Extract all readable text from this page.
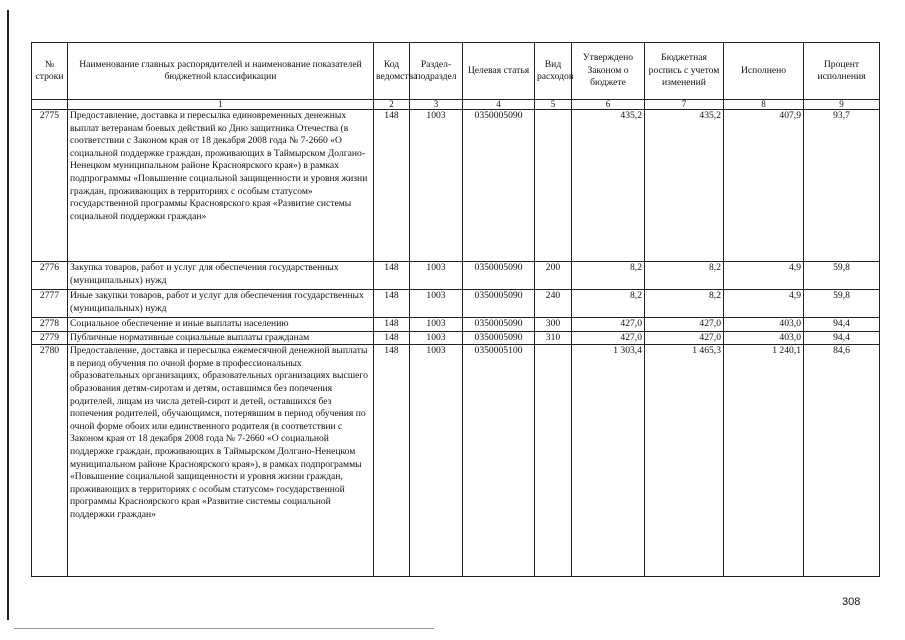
№ строки	Наименование главных распорядителей и наименование показателей бюджетной классификации	Код ведомства	Раздел-подраздел	Целевая статья	Вид расходов	Утверждено Законом о бюджете	Бюджетная роспись с учетом изменений	Исполнено	Процент исполнения
	1	2	3	4	5	6	7	8	9
2775	Предоставление, доставка и пересылка единовременных денежных выплат ветеранам боевых действий ко Дню защитника Отечества (в соответствии с Законом края от 18 декабря 2008 года № 7-2660 «О социальной поддержке граждан, проживающих в Таймырском Долгано-Ненецком муниципальном районе Красноярского края») в рамках подпрограммы «Повышение социальной защищенности и уровня жизни граждан, проживающих в территориях с особым статусом» государственной программы Красноярского края «Развитие системы социальной поддержки граждан»	148	1003	0350005090		435,2	435,2	407,9	93,7
2776	Закупка товаров, работ и услуг для обеспечения государственных (муниципальных) нужд	148	1003	0350005090	200	8,2	8,2	4,9	59,8
2777	Иные закупки товаров, работ и услуг для обеспечения государственных (муниципальных) нужд	148	1003	0350005090	240	8,2	8,2	4,9	59,8
2778	Социальное обеспечение и иные выплаты населению	148	1003	0350005090	300	427,0	427,0	403,0	94,4
2779	Публичные нормативные социальные выплаты гражданам	148	1003	0350005090	310	427,0	427,0	403,0	94,4
2780	Предоставление, доставка и пересылка ежемесячной денежной выплаты в период обучения по очной форме в профессиональных образовательных организациях, образовательных организациях высшего образования детям-сиротам и детям, оставшимся без попечения родителей, лицам из числа детей-сирот и детей, оставшихся без попечения родителей, обучающимся, потерявшим в период обучения по очной форме обоих или единственного родителя (в соответствии с Законом края от 18 декабря 2008 года № 7-2660 «О социальной поддержке граждан, проживающих в Таймырском Долгано-Ненецком муниципальном районе Красноярского края»), в рамках подпрограммы «Повышение социальной защищенности и уровня жизни граждан, проживающих в территориях с особым статусом» государственной программы Красноярского края «Развитие системы социальной поддержки граждан»	148	1003	0350005100		1 303,4	1 465,3	1 240,1	84,6
308
